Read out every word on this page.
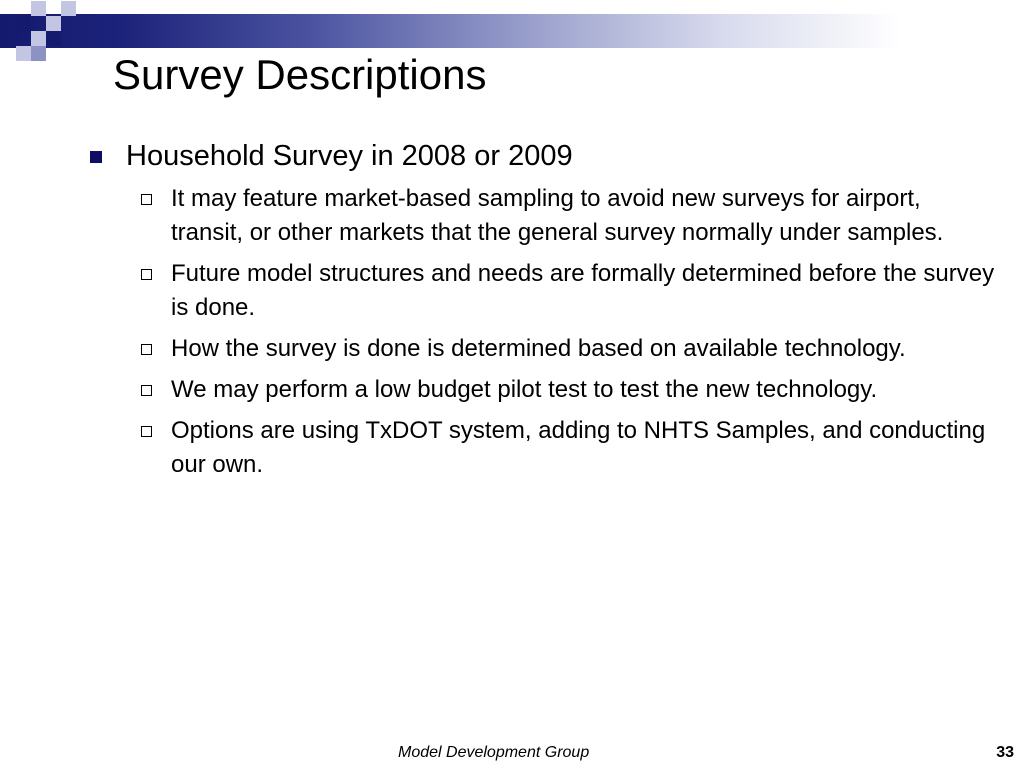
Survey Descriptions
Household Survey in 2008 or 2009
It may feature market-based sampling to avoid new surveys for airport, transit, or other markets that the general survey normally under samples.
Future model structures and needs are formally determined before the survey is done.
How the survey is done is determined based on available technology.
We may perform a low budget pilot test to test the new technology.
Options are using TxDOT system, adding to NHTS Samples, and conducting our own.
Model Development Group	33
